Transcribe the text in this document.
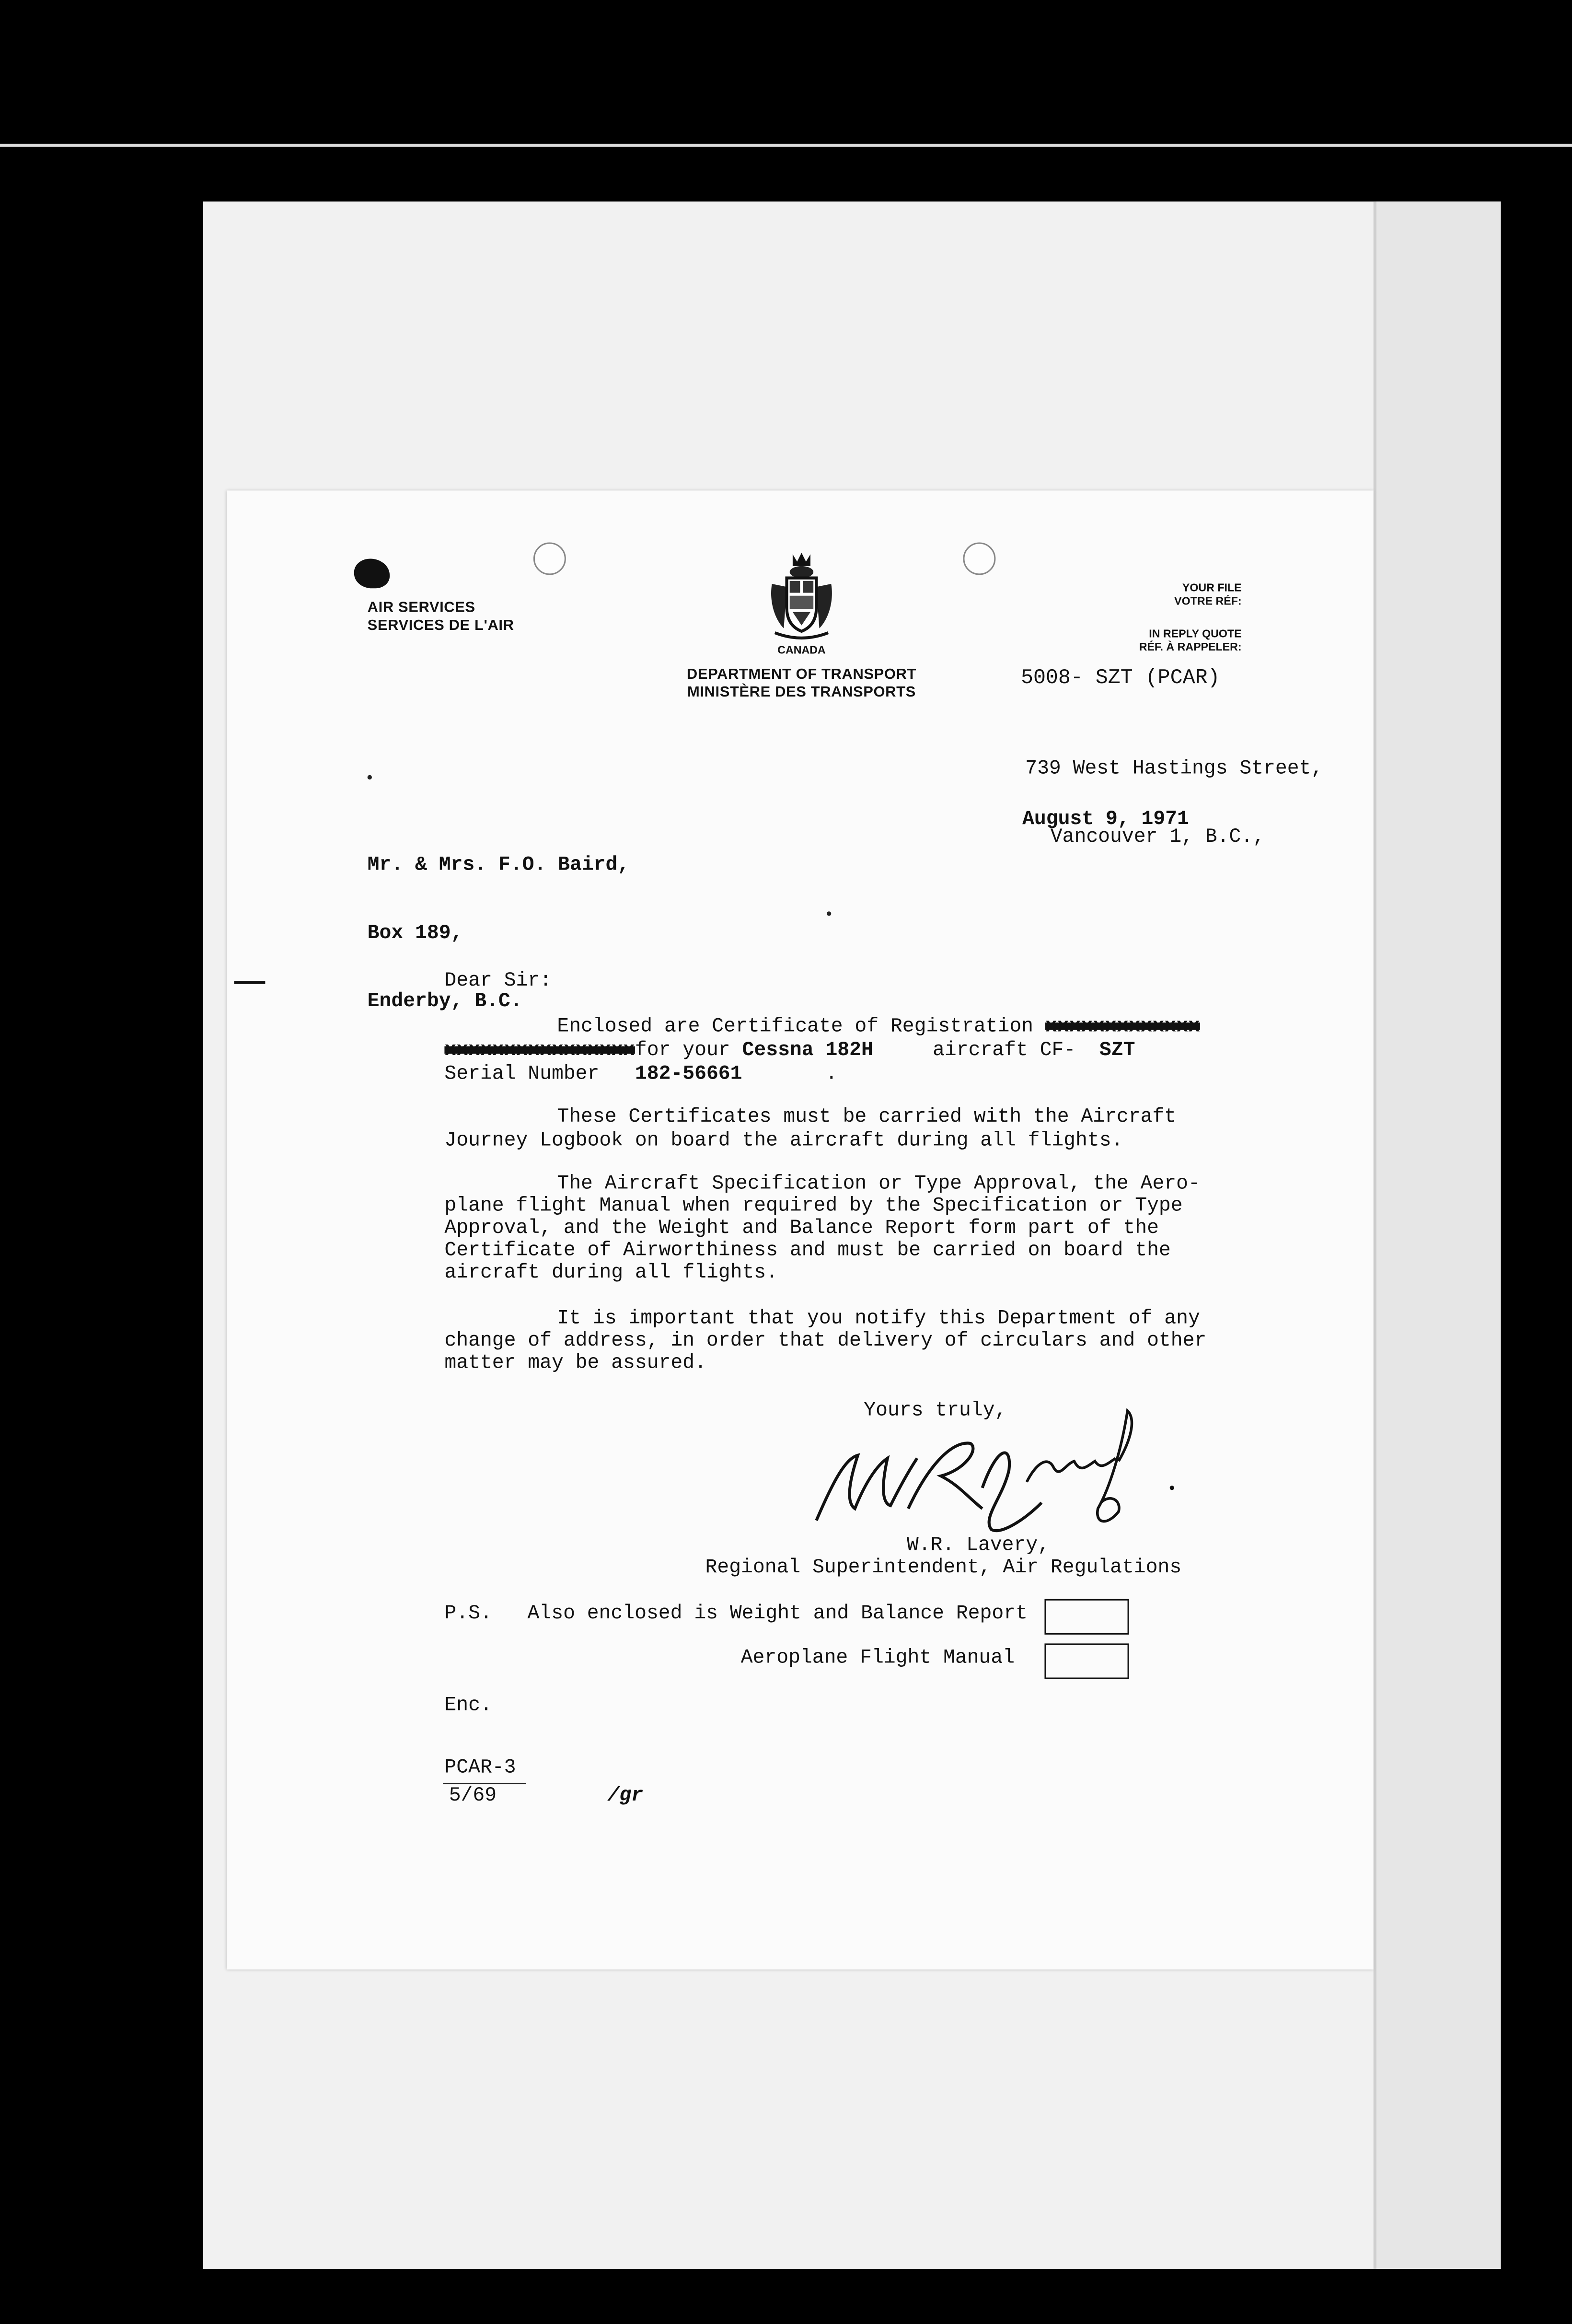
AIR SERVICES
SERVICES DE L'AIR
CANADA
DEPARTMENT OF TRANSPORT
MINISTÈRE DES TRANSPORTS
YOUR FILE
VOTRE RÉF:
IN REPLY QUOTE
RÉF. À RAPPELER:
5008- SZT (PCAR)

739 West Hastings Street,

Vancouver 1, B.C.,

Mr. & Mrs. F.O. Baird,

Box 189,

Enderby, B.C.

August 9, 1971
Dear Sir:
Enclosed are Certificate of Registration xxxxxxxxxxxxx
xxxxxxxxxxxxxxxxfor your Cessna 182H	aircraft CF-	SZT
Serial Number	182-56661	.
These Certificates must be carried with the Aircraft
Journey Logbook on board the aircraft during all flights.
The Aircraft Specification or Type Approval, the Aero-
plane flight Manual when required by the Specification or Type
Approval, and the Weight and Balance Report form part of the
Certificate of Airworthiness and must be carried on board the
aircraft during all flights.
It is important that you notify this Department of any
change of address, in order that delivery of circulars and other
matter may be assured.
Yours truly,
W.R. Lavery,
Regional Superintendent, Air Regulations
P.S.	Also enclosed is Weight and Balance Report
Aeroplane Flight Manual
Enc.
PCAR-3
5/69	/gr
